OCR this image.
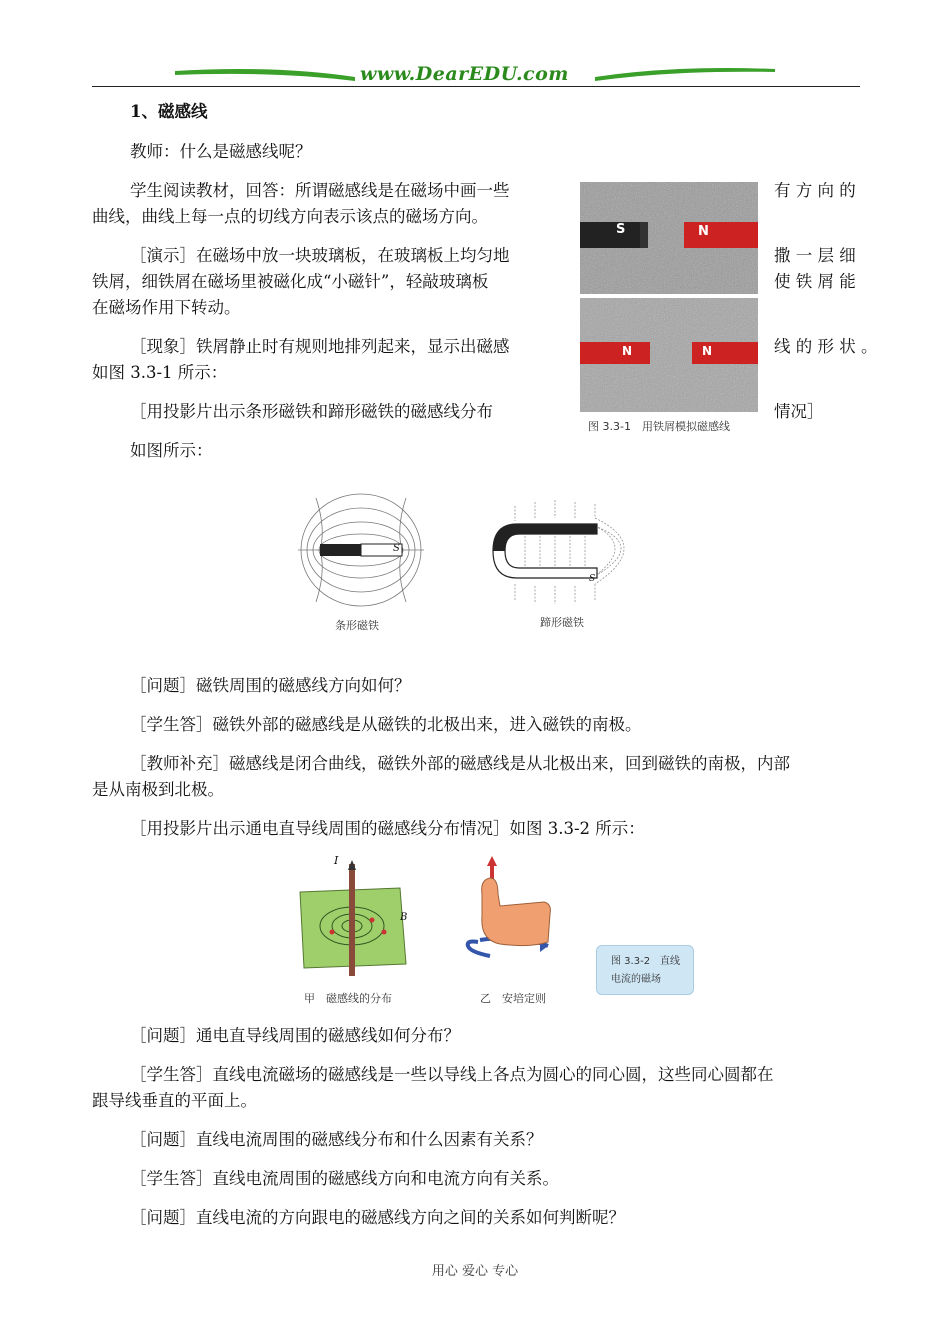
www.DearEDU.com
1、磁感线
教师：什么是磁感线呢？
学生阅读教材，回答：所谓磁感线是在磁场中画一些	有 方 向 的
曲线，曲线上每一点的切线方向表示该点的磁场方向。
［演示］在磁场中放一块玻璃板，在玻璃板上均匀地	撒 一 层 细
铁屑，细铁屑在磁场里被磁化成“小磁针”，轻敲玻璃板	使 铁 屑 能
在磁场作用下转动。
［现象］铁屑静止时有规则地排列起来，显示出磁感	线 的 形 状 。
如图 3.3-1 所示：
［用投影片出示条形磁铁和蹄形磁铁的磁感线分布	情况］
如图所示：
S	N
N	N
图 3.3-1　用铁屑模拟磁感线
S
条形磁铁
S
蹄形磁铁
［问题］磁铁周围的磁感线方向如何？
［学生答］磁铁外部的磁感线是从磁铁的北极出来，进入磁铁的南极。
［教师补充］磁感线是闭合曲线，磁铁外部的磁感线是从北极出来，回到磁铁的南极，内部
是从南极到北极。
［用投影片出示通电直导线周围的磁感线分布情况］如图 3.3-2 所示：
I
B
甲　磁感线的分布	乙　安培定则
图 3.3-2　直线
电流的磁场
［问题］通电直导线周围的磁感线如何分布？
［学生答］直线电流磁场的磁感线是一些以导线上各点为圆心的同心圆，这些同心圆都在
跟导线垂直的平面上。
［问题］直线电流周围的磁感线分布和什么因素有关系？
［学生答］直线电流周围的磁感线方向和电流方向有关系。
［问题］直线电流的方向跟电的磁感线方向之间的关系如何判断呢？
用心 爱心 专心
